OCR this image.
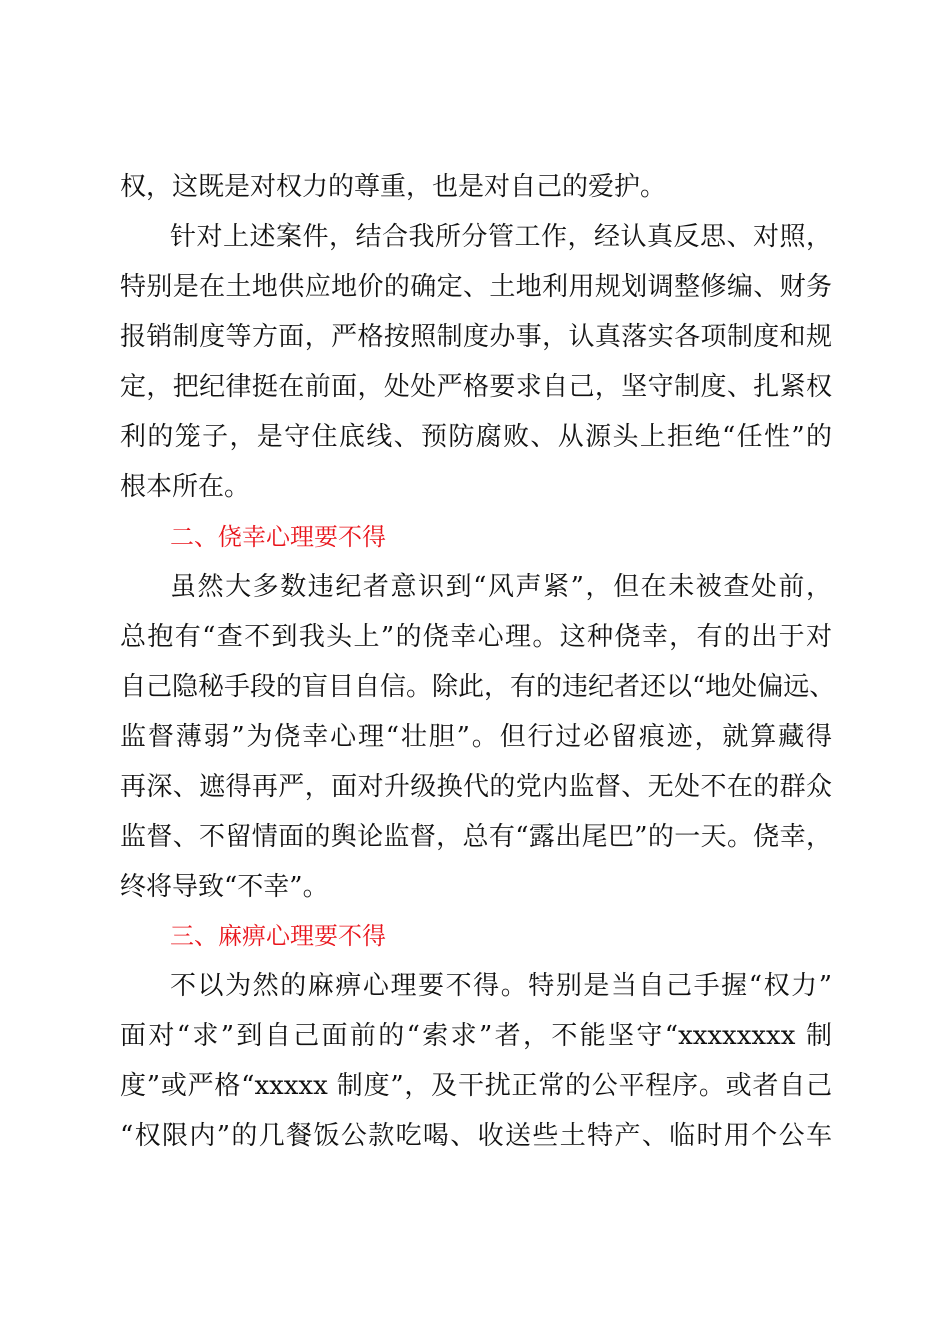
权，这既是对权力的尊重，也是对自己的爱护。
针对上述案件，结合我所分管工作，经认真反思、对照，
特别是在土地供应地价的确定、土地利用规划调整修编、财务
报销制度等方面，严格按照制度办事，认真落实各项制度和规
定，把纪律挺在前面，处处严格要求自己，坚守制度、扎紧权
利的笼子，是守住底线、预防腐败、从源头上拒绝“任性”的
根本所在。
二、侥幸心理要不得
虽然大多数违纪者意识到“风声紧”，但在未被查处前，
总抱有“查不到我头上”的侥幸心理。这种侥幸，有的出于对
自己隐秘手段的盲目自信。除此，有的违纪者还以“地处偏远、
监督薄弱”为侥幸心理“壮胆”。但行过必留痕迹，就算藏得
再深、遮得再严，面对升级换代的党内监督、无处不在的群众
监督、不留情面的舆论监督，总有“露出尾巴”的一天。侥幸，
终将导致“不幸”。
三、麻痹心理要不得
不以为然的麻痹心理要不得。特别是当自己手握“权力”
面对“求”到自己面前的“索求”者，不能坚守“xxxxxxxx 制
度”或严格“xxxxx 制度”，及干扰正常的公平程序。或者自己
“权限内”的几餐饭公款吃喝、收送些土特产、临时用个公车
